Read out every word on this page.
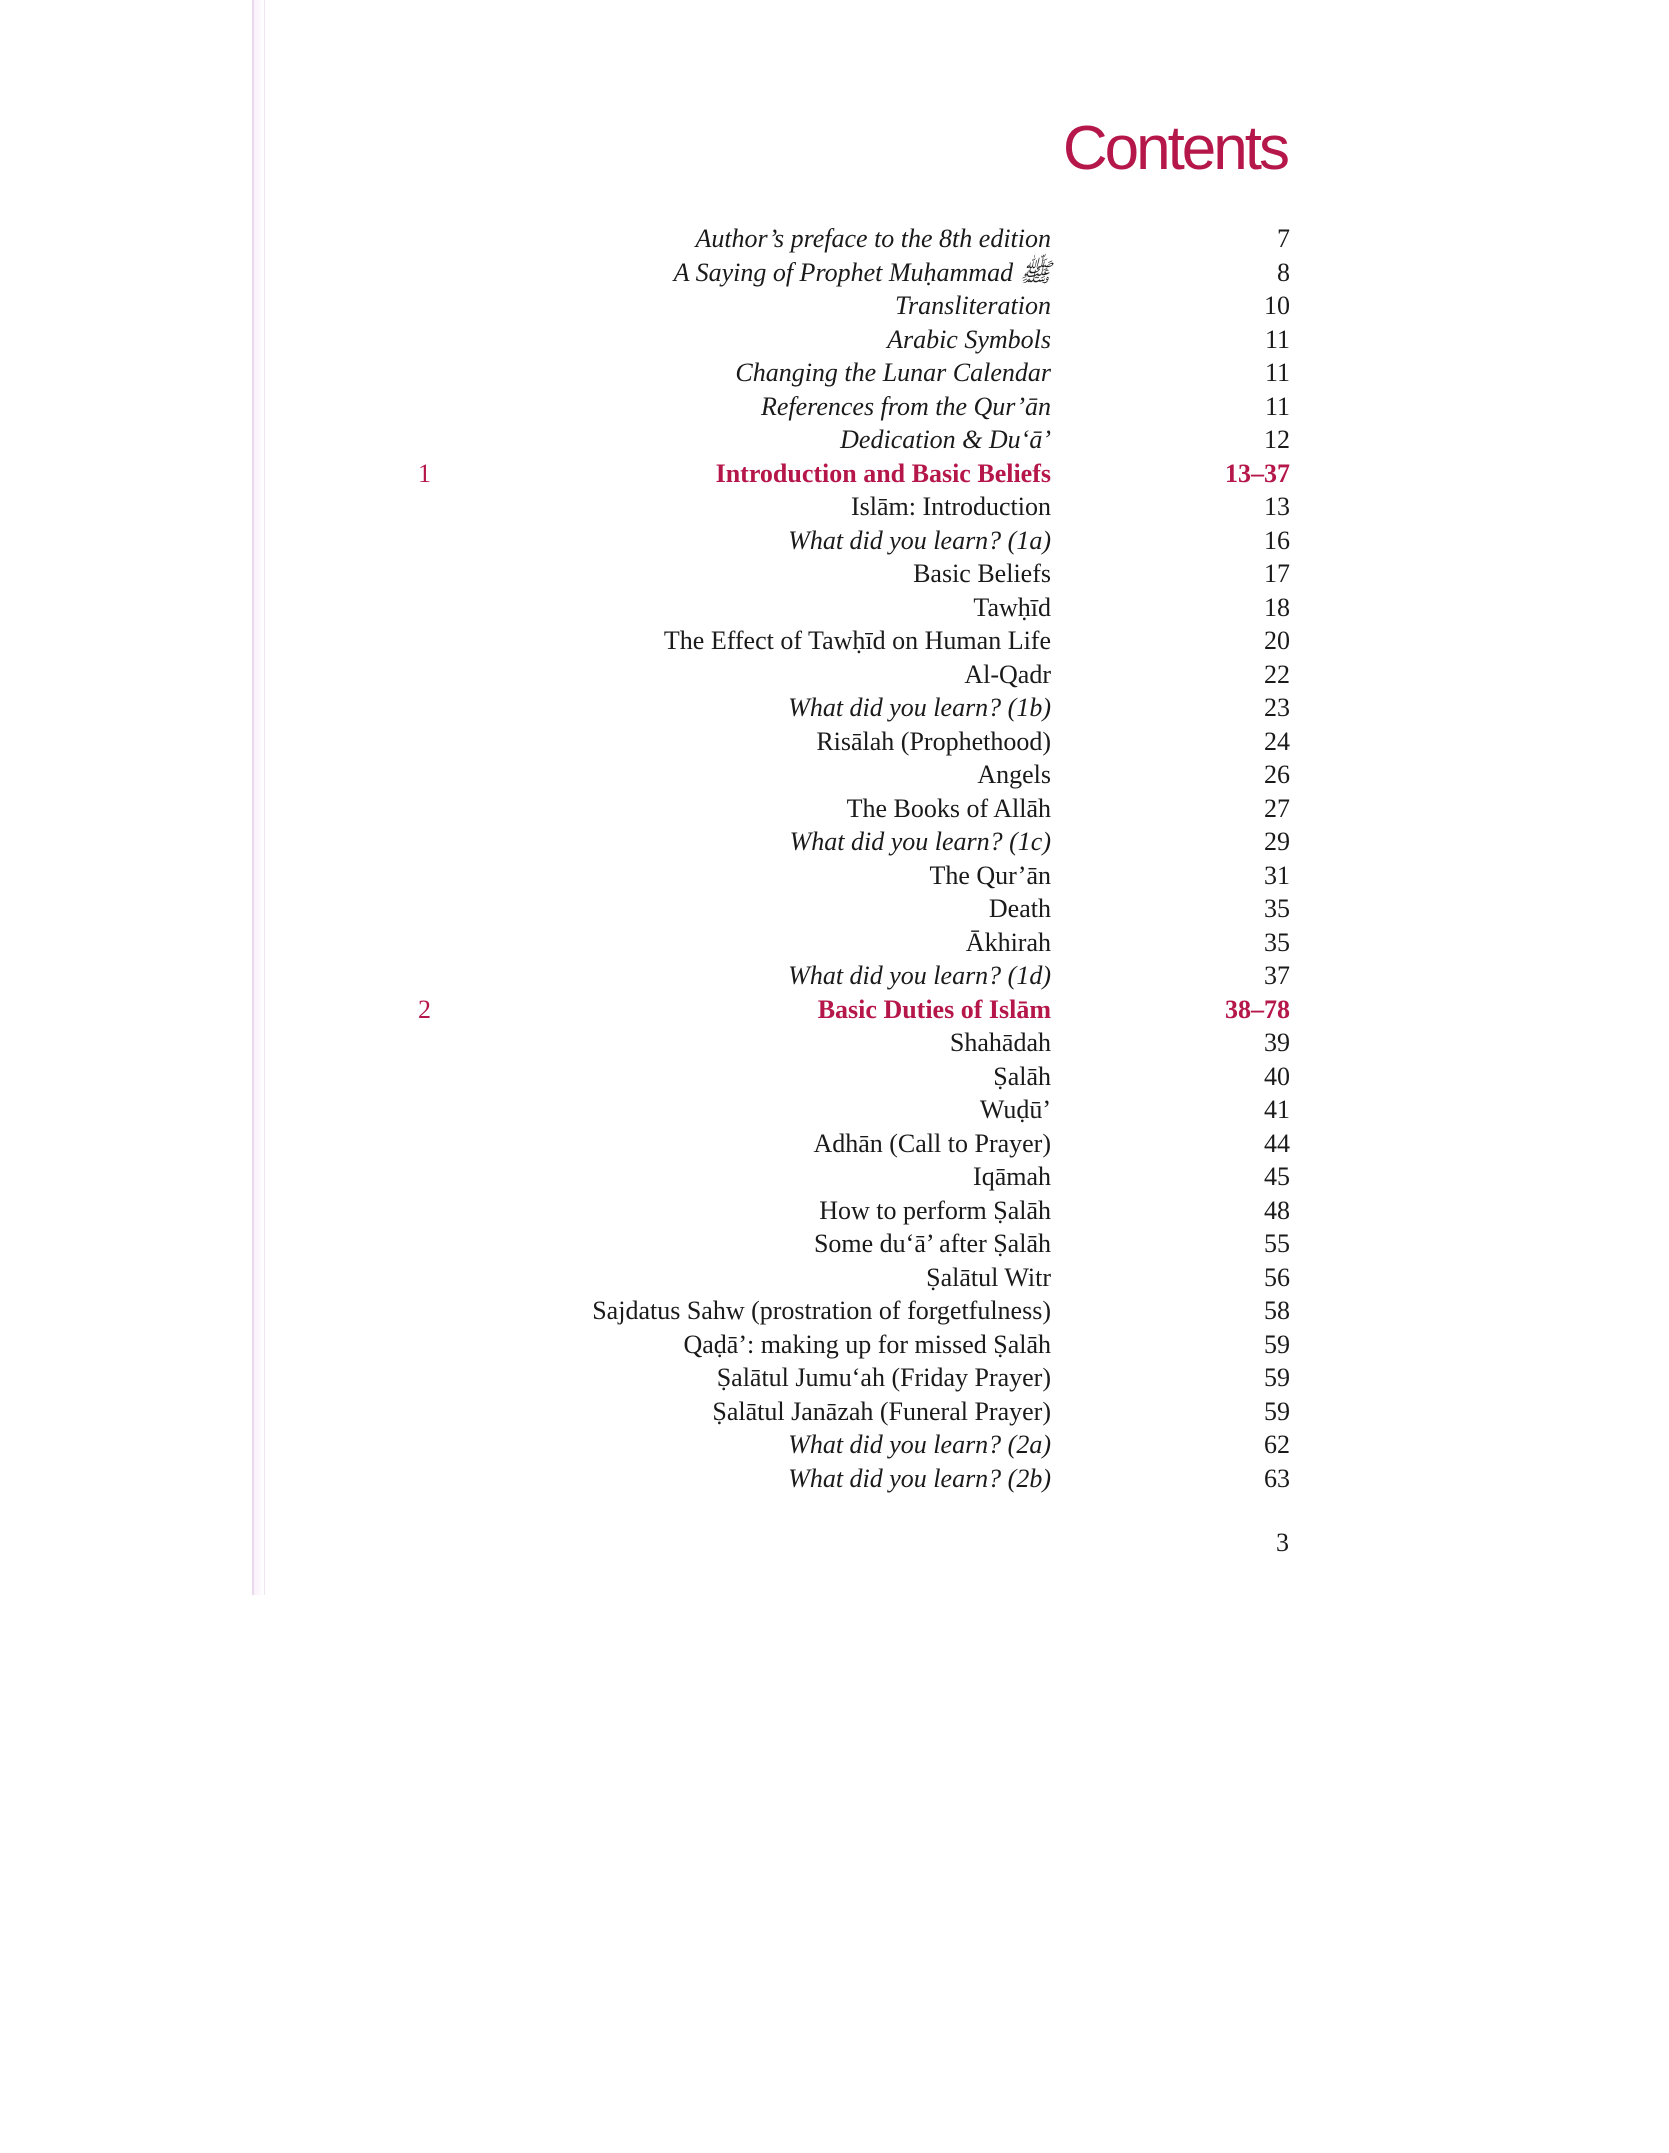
Contents
Author’s preface to the 8th edition	7
A Saying of Prophet Muḥammad ﷺ	8
Transliteration	10
Arabic Symbols	11
Changing the Lunar Calendar	11
References from the Qur’ān	11
Dedication & Du‘ā’	12
1	Introduction and Basic Beliefs	13–37
Islām: Introduction	13
What did you learn? (1a)	16
Basic Beliefs	17
Tawḥīd	18
The Effect of Tawḥīd on Human Life	20
Al-Qadr	22
What did you learn? (1b)	23
Risālah (Prophethood)	24
Angels	26
The Books of Allāh	27
What did you learn? (1c)	29
The Qur’ān	31
Death	35
Ākhirah	35
What did you learn? (1d)	37
2	Basic Duties of Islām	38–78
Shahādah	39
Ṣalāh	40
Wuḍū’	41
Adhān (Call to Prayer)	44
Iqāmah	45
How to perform Ṣalāh	48
Some du‘ā’ after Ṣalāh	55
Ṣalātul Witr	56
Sajdatus Sahw (prostration of forgetfulness)	58
Qaḍā’: making up for missed Ṣalāh	59
Ṣalātul Jumu‘ah (Friday Prayer)	59
Ṣalātul Janāzah (Funeral Prayer)	59
What did you learn? (2a)	62
What did you learn? (2b)	63
3
